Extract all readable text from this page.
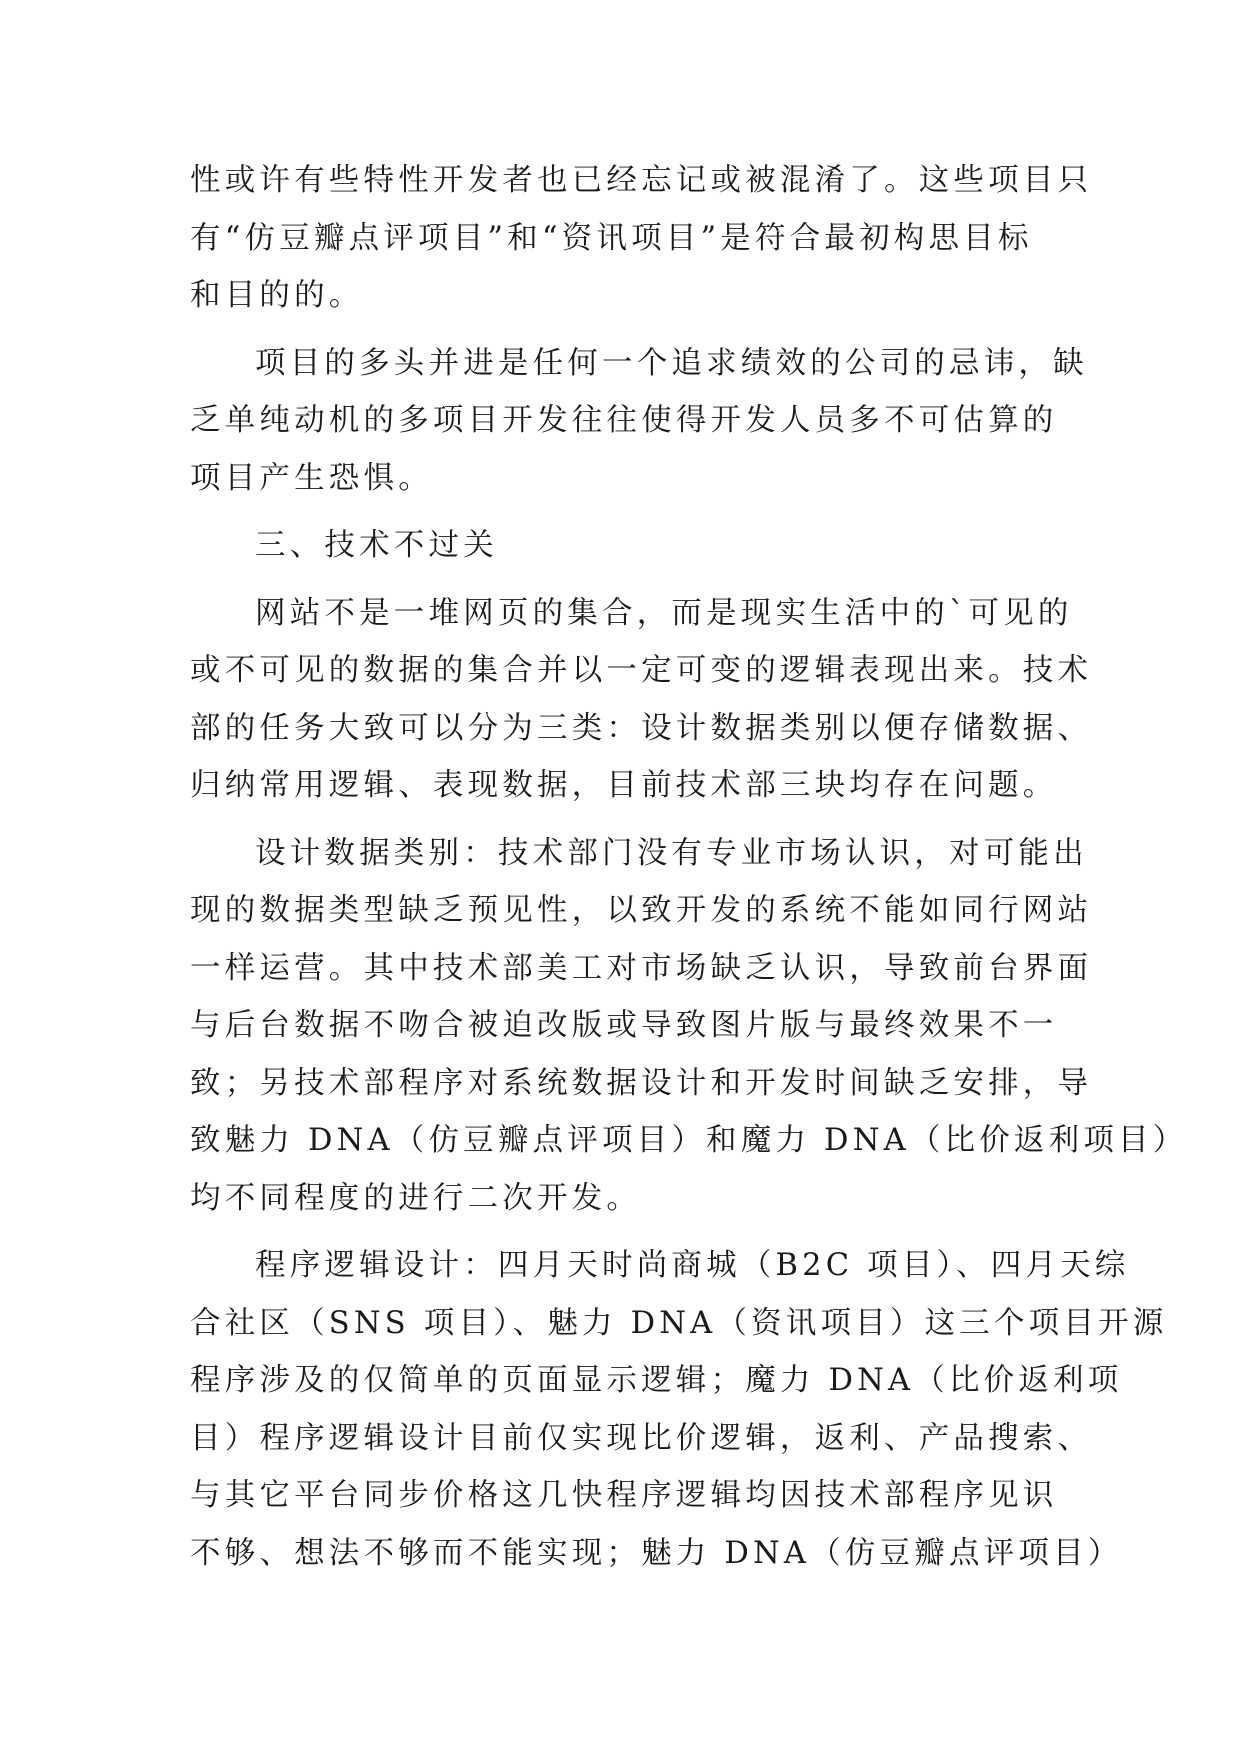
性或许有些特性开发者也已经忘记或被混淆了。这些项目只
有“仿豆瓣点评项目”和“资讯项目”是符合最初构思目标
和目的的。
项目的多头并进是任何一个追求绩效的公司的忌讳，缺
乏单纯动机的多项目开发往往使得开发人员多不可估算的
项目产生恐惧。
三、技术不过关
网站不是一堆网页的集合，而是现实生活中的`可见的
或不可见的数据的集合并以一定可变的逻辑表现出来。技术
部的任务大致可以分为三类：设计数据类别以便存储数据、
归纳常用逻辑、表现数据，目前技术部三块均存在问题。
设计数据类别：技术部门没有专业市场认识，对可能出
现的数据类型缺乏预见性，以致开发的系统不能如同行网站
一样运营。其中技术部美工对市场缺乏认识，导致前台界面
与后台数据不吻合被迫改版或导致图片版与最终效果不一
致；另技术部程序对系统数据设计和开发时间缺乏安排，导
致魅力 DNA（仿豆瓣点评项目）和魔力 DNA（比价返利项目）
均不同程度的进行二次开发。
程序逻辑设计：四月天时尚商城（B2C 项目）、四月天综
合社区（SNS 项目）、魅力 DNA（资讯项目）这三个项目开源
程序涉及的仅简单的页面显示逻辑；魔力 DNA（比价返利项
目）程序逻辑设计目前仅实现比价逻辑，返利、产品搜索、
与其它平台同步价格这几快程序逻辑均因技术部程序见识
不够、想法不够而不能实现；魅力 DNA（仿豆瓣点评项目）
